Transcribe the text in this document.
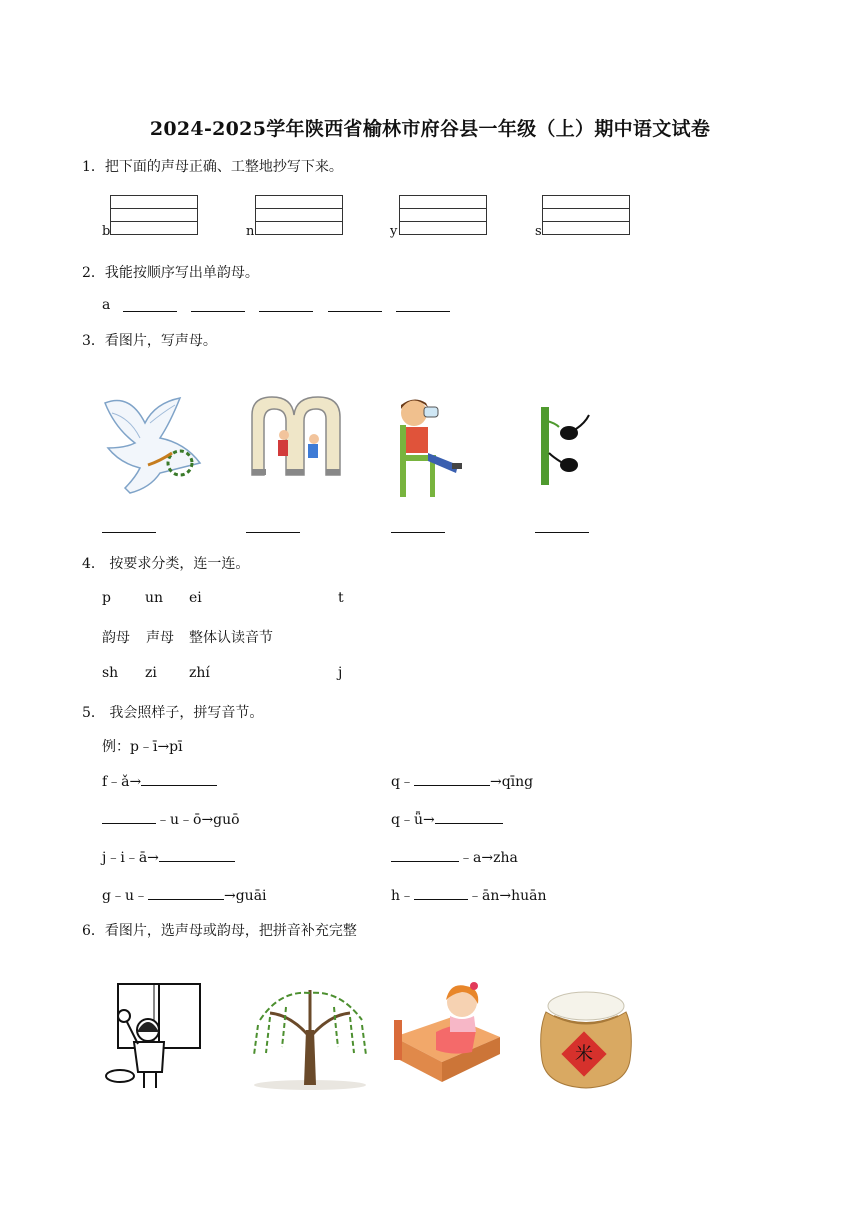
2024-2025学年陕西省榆林市府谷县一年级（上）期中语文试卷
1．把下面的声母正确、工整地抄写下来。
b	n	y	s
2．我能按顺序写出单韵母。
a
3．看图片，写声母。
4． 按要求分类，连一连。
p un ei	t
韵母 声母 整体认读音节
sh zi zhí	j
5． 我会照样子，拼写音节。
例：p﹣ī→pī
f﹣ǎ→	q﹣	→qīng
﹣u﹣ō→guō	q﹣ǖ→
j﹣i﹣ā→	﹣a→zha
g﹣u﹣	→guāi	h﹣	﹣ān→huān
6．看图片，选声母或韵母，把拼音补充完整
米
